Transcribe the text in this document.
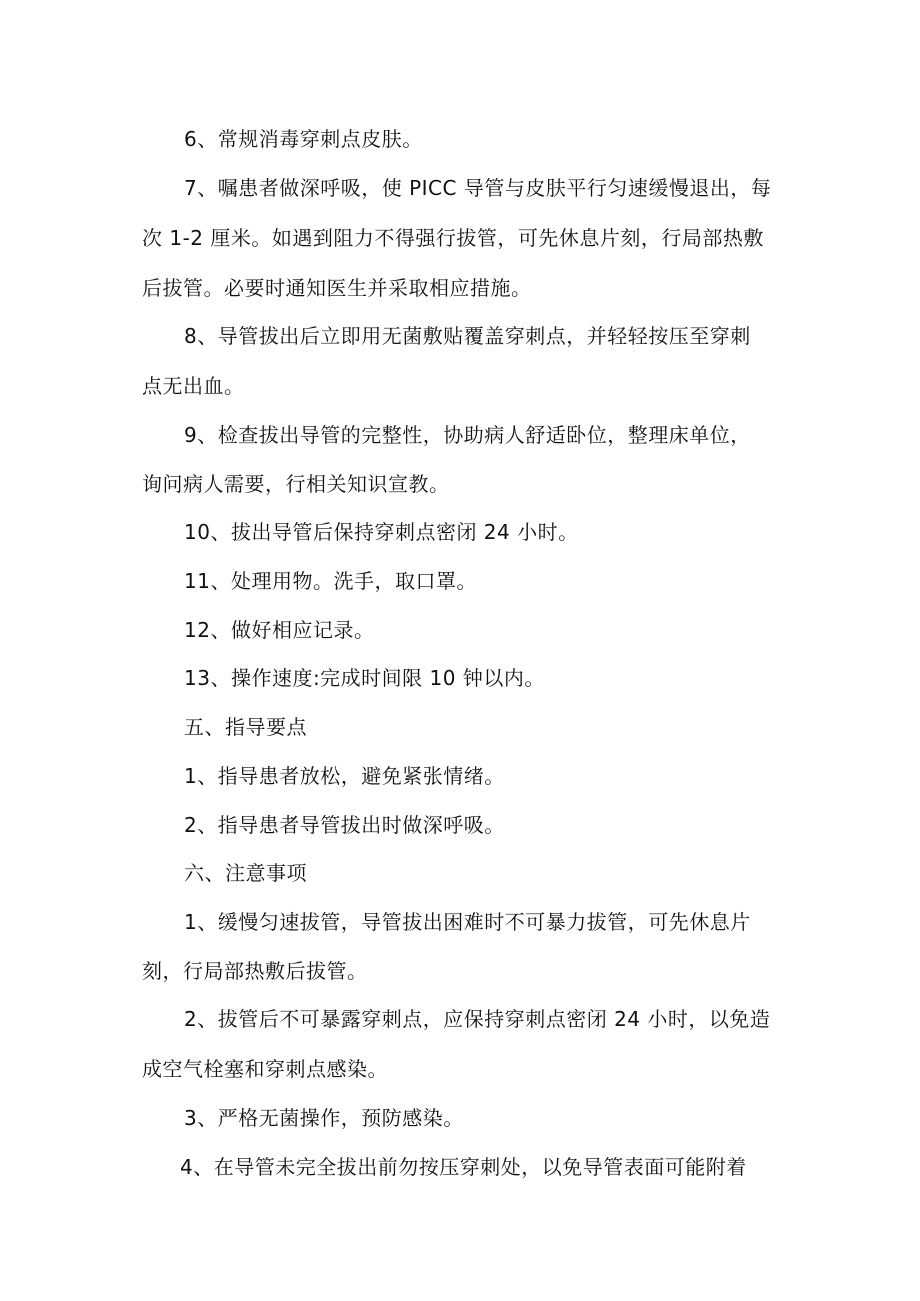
6、常规消毒穿刺点皮肤。
7、嘱患者做深呼吸，使 PICC 导管与皮肤平行匀速缓慢退出，每
次 1-2 厘米。如遇到阻力不得强行拔管，可先休息片刻，行局部热敷
后拔管。必要时通知医生并采取相应措施。
8、导管拔出后立即用无菌敷贴覆盖穿刺点，并轻轻按压至穿刺
点无出血。
9、检查拔出导管的完整性，协助病人舒适卧位，整理床单位，
询问病人需要，行相关知识宣教。
10、拔出导管后保持穿刺点密闭 24 小时。
11、处理用物。洗手，取口罩。
12、做好相应记录。
13、操作速度:完成时间限 10 钟以内。
五、指导要点
1、指导患者放松，避免紧张情绪。
2、指导患者导管拔出时做深呼吸。
六、注意事项
1、缓慢匀速拔管，导管拔出困难时不可暴力拔管，可先休息片
刻，行局部热敷后拔管。
2、拔管后不可暴露穿刺点，应保持穿刺点密闭 24 小时，以免造
成空气栓塞和穿刺点感染。
3、严格无菌操作，预防感染。
4、在导管未完全拔出前勿按压穿刺处，以免导管表面可能附着
